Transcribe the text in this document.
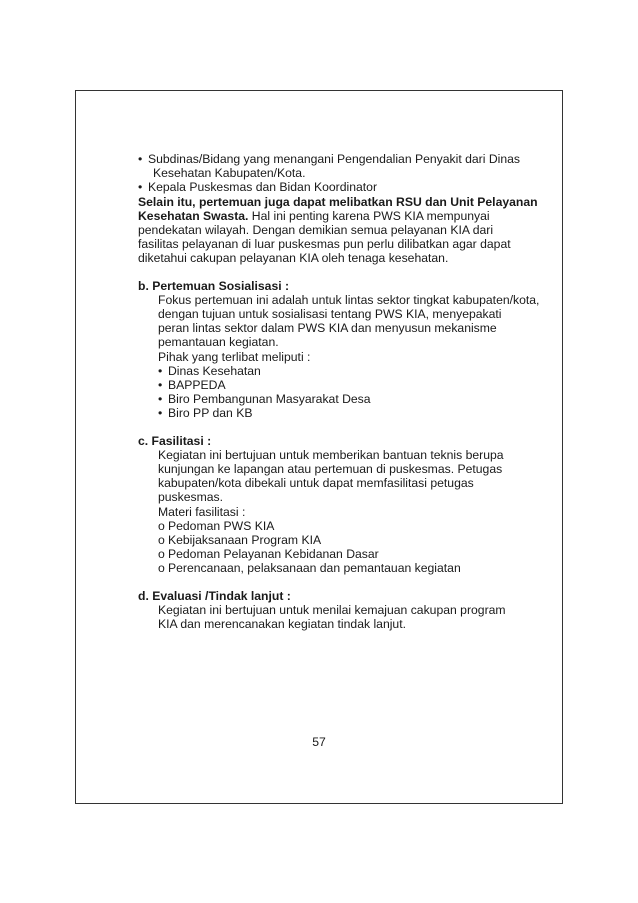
• Subdinas/Bidang yang menangani Pengendalian Penyakit dari Dinas
Kesehatan Kabupaten/Kota.
• Kepala Puskesmas dan Bidan Koordinator
Selain itu, pertemuan juga dapat melibatkan RSU dan Unit Pelayanan
Kesehatan Swasta. Hal ini penting karena PWS KIA mempunyai
pendekatan wilayah. Dengan demikian semua pelayanan KIA dari
fasilitas pelayanan di luar puskesmas pun perlu dilibatkan agar dapat
diketahui cakupan pelayanan KIA oleh tenaga kesehatan.
b. Pertemuan Sosialisasi :
Fokus pertemuan ini adalah untuk lintas sektor tingkat kabupaten/kota,
dengan tujuan untuk sosialisasi tentang PWS KIA, menyepakati
peran lintas sektor dalam PWS KIA dan menyusun mekanisme
pemantauan kegiatan.
Pihak yang terlibat meliputi :
• Dinas Kesehatan
• BAPPEDA
• Biro Pembangunan Masyarakat Desa
• Biro PP dan KB
c. Fasilitasi :
Kegiatan ini bertujuan untuk memberikan bantuan teknis berupa
kunjungan ke lapangan atau pertemuan di puskesmas. Petugas
kabupaten/kota dibekali untuk dapat memfasilitasi petugas
puskesmas.
Materi fasilitasi :
o Pedoman PWS KIA
o Kebijaksanaan Program KIA
o Pedoman Pelayanan Kebidanan Dasar
o Perencanaan, pelaksanaan dan pemantauan kegiatan
d. Evaluasi /Tindak lanjut :
Kegiatan ini bertujuan untuk menilai kemajuan cakupan program
KIA dan merencanakan kegiatan tindak lanjut.
57
